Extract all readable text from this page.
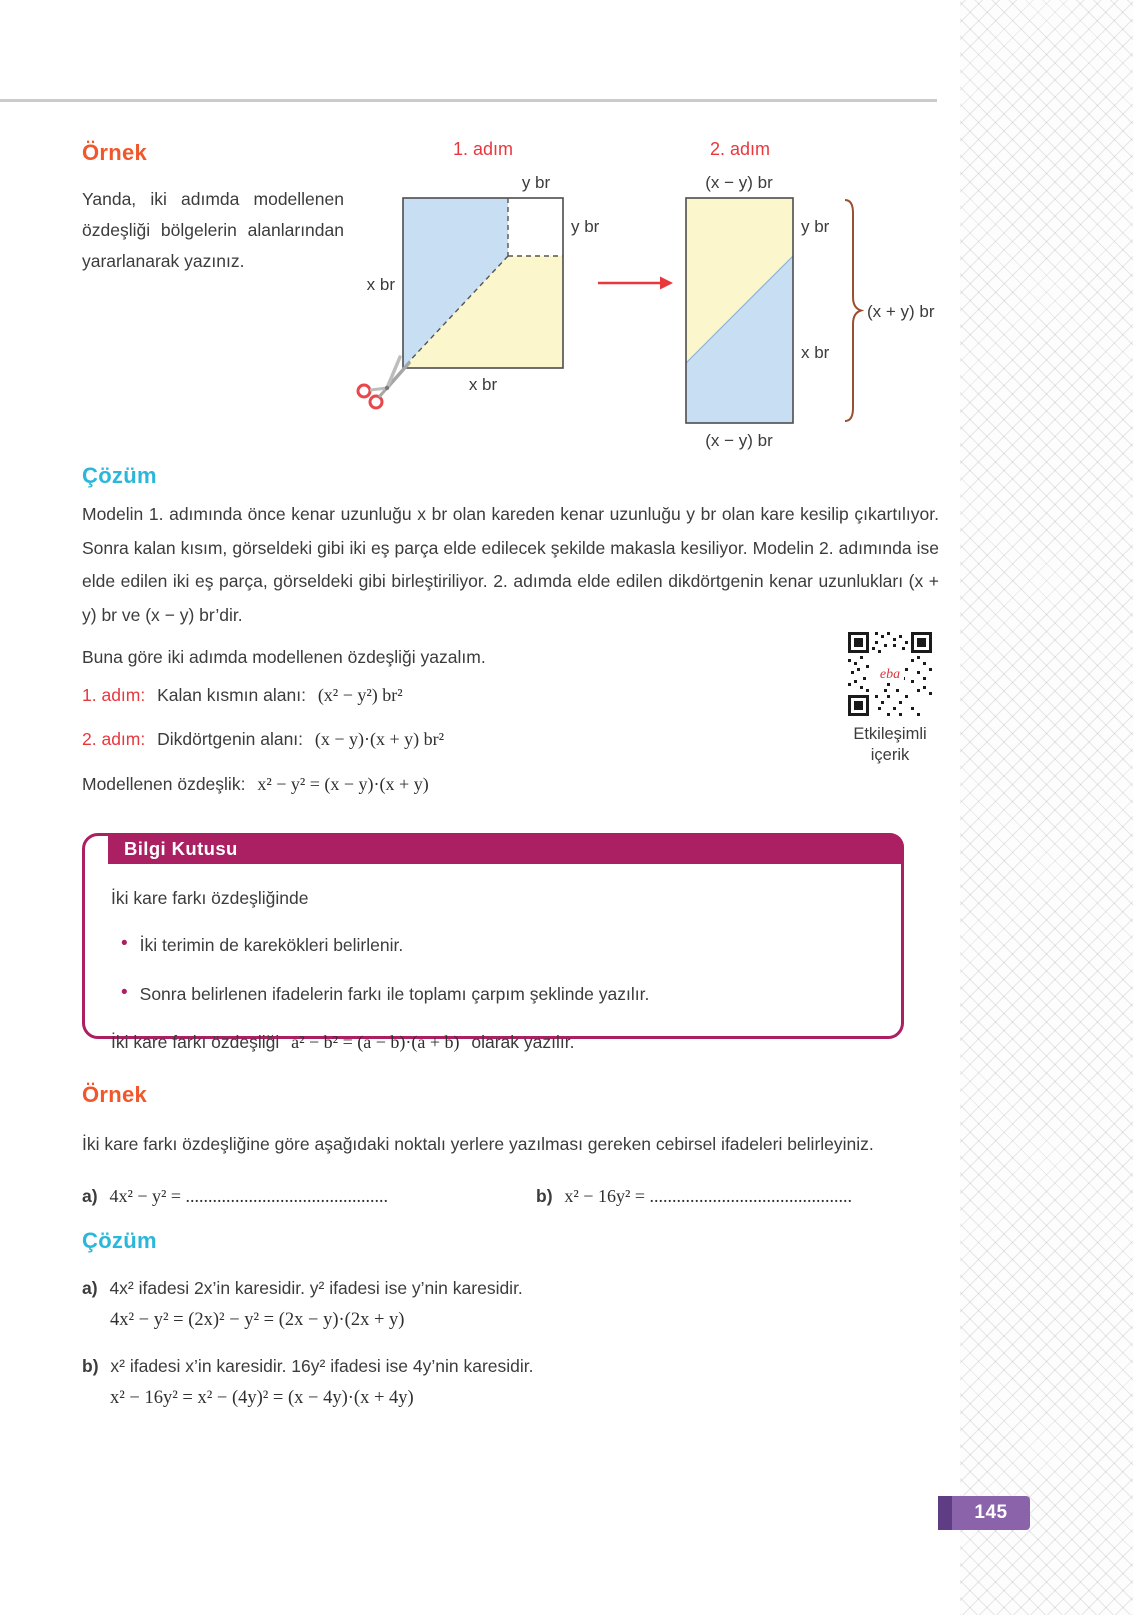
Örnek

Yanda, iki adımda modellenen özdeşliği bölgelerin alanlarından yararlanarak yazınız.

1. adım	2. adım
y br
y br
x br
x br
(x − y) br
(x − y) br
y br
x br
(x + y) br
Çözüm

Modelin 1. adımında önce kenar uzunluğu x br olan kareden kenar uzunluğu y br olan kare kesilip çıkartılıyor. Sonra kalan kısım, görseldeki gibi iki eş parça elde edilecek şekilde makasla kesiliyor. Modelin 2. adımında ise elde edilen iki eş parça, görseldeki gibi birleştiriliyor. 2. adımda elde edilen dikdörtgenin kenar uzunlukları (x + y) br ve (x − y) br’dir.

Buna göre iki adımda modellenen özdeşliği yazalım.

1. adım: Kalan kısmın alanı: (x² − y²) br²
2. adım: Dikdörtgenin alanı: (x − y)·(x + y) br²
Modellenen özdeşlik: x² − y² = (x − y)·(x + y)
eba
Etkileşimli
içerik
Bilgi Kutusu
İki kare farkı özdeşliğinde
• İki terimin de karekökleri belirlenir.
• Sonra belirlenen ifadelerin farkı ile toplamı çarpım şeklinde yazılır.
İki kare farkı özdeşliği a² − b² = (a − b)·(a + b) olarak yazılır.
Örnek

İki kare farkı özdeşliğine göre aşağıdaki noktalı yerlere yazılması gereken cebirsel ifadeleri belirleyiniz.

a) 4x² − y² = .............................................	b) x² − 16y² = .............................................
Çözüm
a) 4x² ifadesi 2x’in karesidir. y² ifadesi ise y’nin karesidir.
4x² − y² = (2x)² − y² = (2x − y)·(2x + y)
b) x² ifadesi x’in karesidir. 16y² ifadesi ise 4y’nin karesidir.
x² − 16y² = x² − (4y)² = (x − 4y)·(x + 4y)
145
